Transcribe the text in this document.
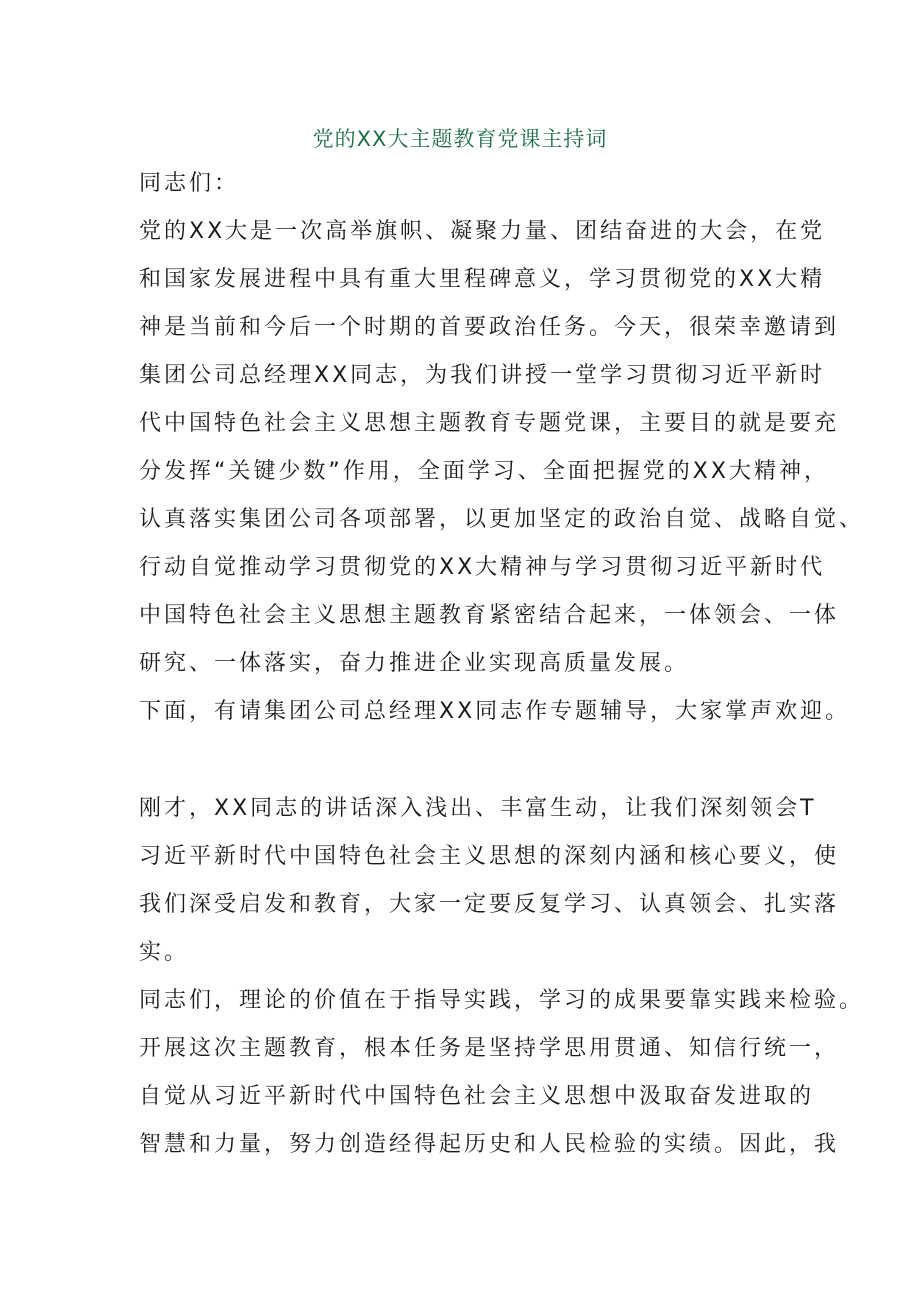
党的XX大主题教育党课主持词
同志们：
党的XX大是一次高举旗帜、凝聚力量、团结奋进的大会，在党
和国家发展进程中具有重大里程碑意义，学习贯彻党的XX大精
神是当前和今后一个时期的首要政治任务。今天，很荣幸邀请到
集团公司总经理XX同志，为我们讲授一堂学习贯彻习近平新时
代中国特色社会主义思想主题教育专题党课，主要目的就是要充
分发挥“关键少数”作用，全面学习、全面把握党的XX大精神，
认真落实集团公司各项部署，以更加坚定的政治自觉、战略自觉、
行动自觉推动学习贯彻党的XX大精神与学习贯彻习近平新时代
中国特色社会主义思想主题教育紧密结合起来，一体领会、一体
研究、一体落实，奋力推进企业实现高质量发展。
下面，有请集团公司总经理XX同志作专题辅导，大家掌声欢迎。
刚才，XX同志的讲话深入浅出、丰富生动，让我们深刻领会T
习近平新时代中国特色社会主义思想的深刻内涵和核心要义，使
我们深受启发和教育，大家一定要反复学习、认真领会、扎实落
实。
同志们，理论的价值在于指导实践，学习的成果要靠实践来检验。
开展这次主题教育，根本任务是坚持学思用贯通、知信行统一，
自觉从习近平新时代中国特色社会主义思想中汲取奋发进取的
智慧和力量，努力创造经得起历史和人民检验的实绩。因此，我
